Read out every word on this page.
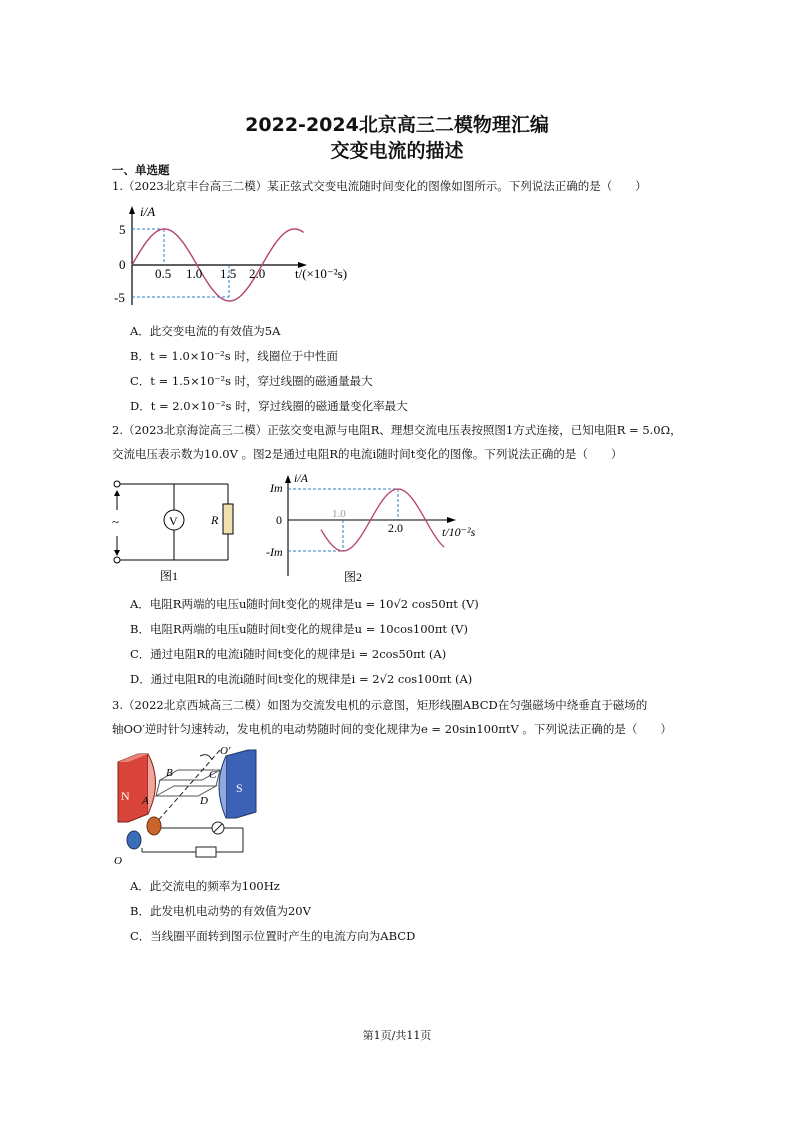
2022-2024北京高三二模物理汇编
交变电流的描述
一、单选题
1.（2023北京丰台高三二模）某正弦式交变电流随时间变化的图像如图所示。下列说法正确的是（　　）
i/A
5
0
-5
0.5 1.0 1.5 2.0 t/(×10⁻²s)
A．此交变电流的有效值为5A
B．t = 1.0×10⁻²s 时，线圈位于中性面
C．t = 1.5×10⁻²s 时，穿过线圈的磁通量最大
D．t = 2.0×10⁻²s 时，穿过线圈的磁通量变化率最大
2.（2023北京海淀高三二模）正弦交变电源与电阻R、理想交流电压表按照图1方式连接，已知电阻R = 5.0Ω，
交流电压表示数为10.0V 。图2是通过电阻R的电流i随时间t变化的图像。下列说法正确的是（　　）
V	R
~
图1
i/A
Im
0
-Im
1.0
2.0	t/10⁻²s
图2
A．电阻R两端的电压u随时间t变化的规律是u = 10√2 cos50πt (V)
B．电阻R两端的电压u随时间t变化的规律是u = 10cos100πt (V)
C．通过电阻R的电流i随时间t变化的规律是i = 2cos50πt (A)
D．通过电阻R的电流i随时间t变化的规律是i = 2√2 cos100πt (A)
3.（2022北京西城高三二模）如图为交流发电机的示意图，矩形线圈ABCD在匀强磁场中绕垂直于磁场的
轴OO′逆时针匀速转动，发电机的电动势随时间的变化规律为e = 20sin100πtV 。下列说法正确的是（　　）
N
S
B	C
A	D
O′
O
A．此交流电的频率为100Hz
B．此发电机电动势的有效值为20V
C．当线圈平面转到图示位置时产生的电流方向为ABCD
第1页/共11页
